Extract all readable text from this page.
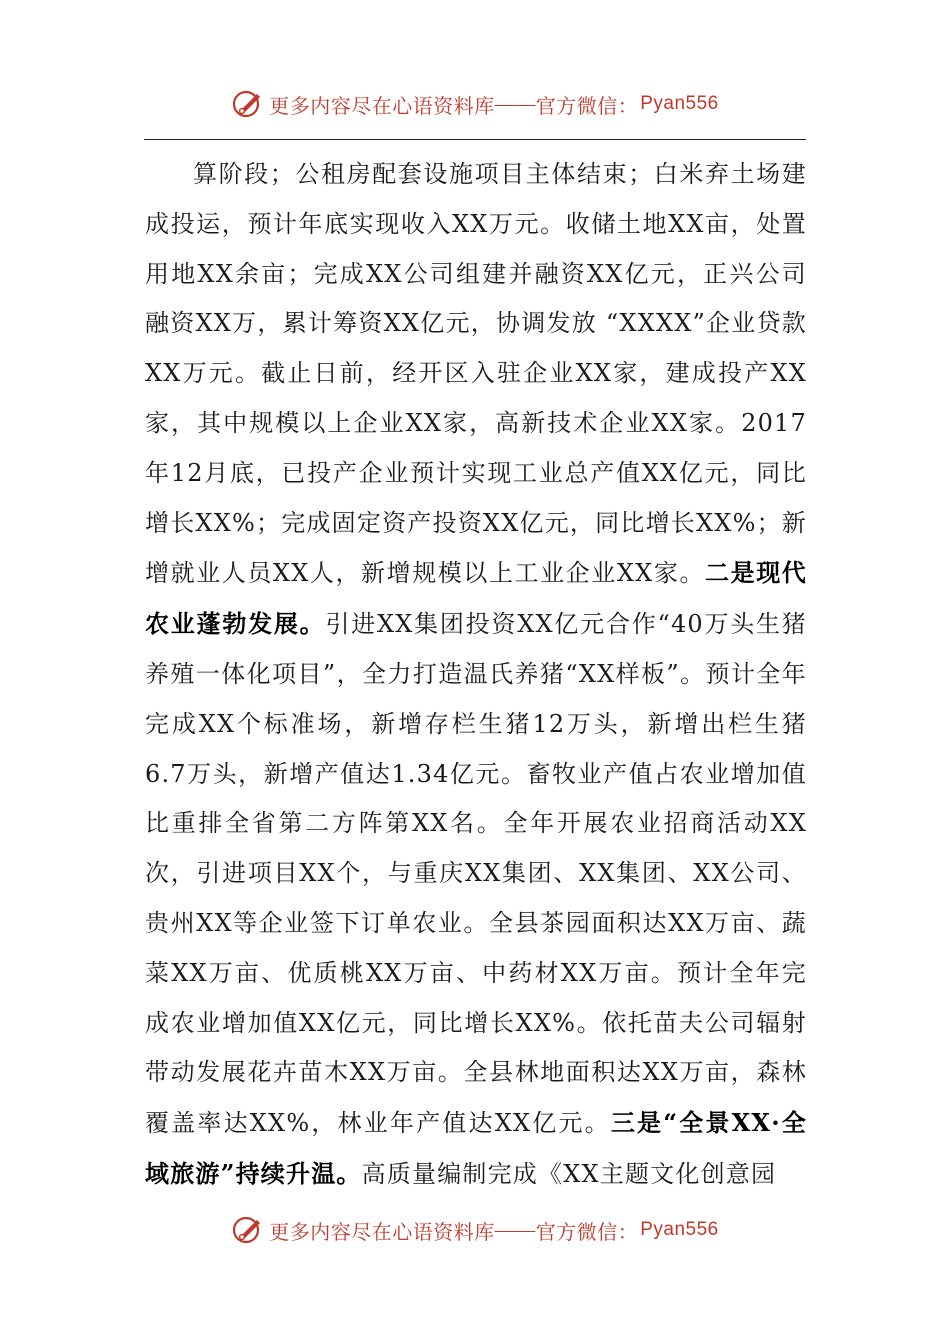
更多内容尽在心语资料库 —— 官方微信： Pyan556

算阶段；公租房配套设施项目主体结束；白米弃土场建成投运，预计年底实现收入XX万元。收储土地XX亩，处置用地XX余亩；完成XX公司组建并融资XX亿元，正兴公司融资XX万，累计筹资XX亿元，协调发放 “XXXX”企业贷款XX万元。截止日前，经开区入驻企业XX家，建成投产XX家，其中规模以上企业XX家，高新技术企业XX家。2017年12月底，已投产企业预计实现工业总产值XX亿元，同比增长XX%；完成固定资产投资XX亿元，同比增长XX%；新增就业人员XX人，新增规模以上工业企业XX家。二是现代农业蓬勃发展。引进XX集团投资XX亿元合作“40万头生猪养殖一体化项目”，全力打造温氏养猪“XX样板”。预计全年完成XX个标准场，新增存栏生猪12万头，新增出栏生猪6.7万头，新增产值达1.34亿元。畜牧业产值占农业增加值比重排全省第二方阵第XX名。全年开展农业招商活动XX次，引进项目XX个，与重庆XX集团、XX集团、XX公司、贵州XX等企业签下订单农业。全县茶园面积达XX万亩、蔬菜XX万亩、优质桃XX万亩、中药材XX万亩。预计全年完成农业增加值XX亿元，同比增长XX%。依托苗夫公司辐射带动发展花卉苗木XX万亩。全县林地面积达XX万亩，森林覆盖率达XX%，林业年产值达XX亿元。三是“全景XX·全域旅游”持续升温。高质量编制完成《XX主题文化创意园

更多内容尽在心语资料库 —— 官方微信： Pyan556
